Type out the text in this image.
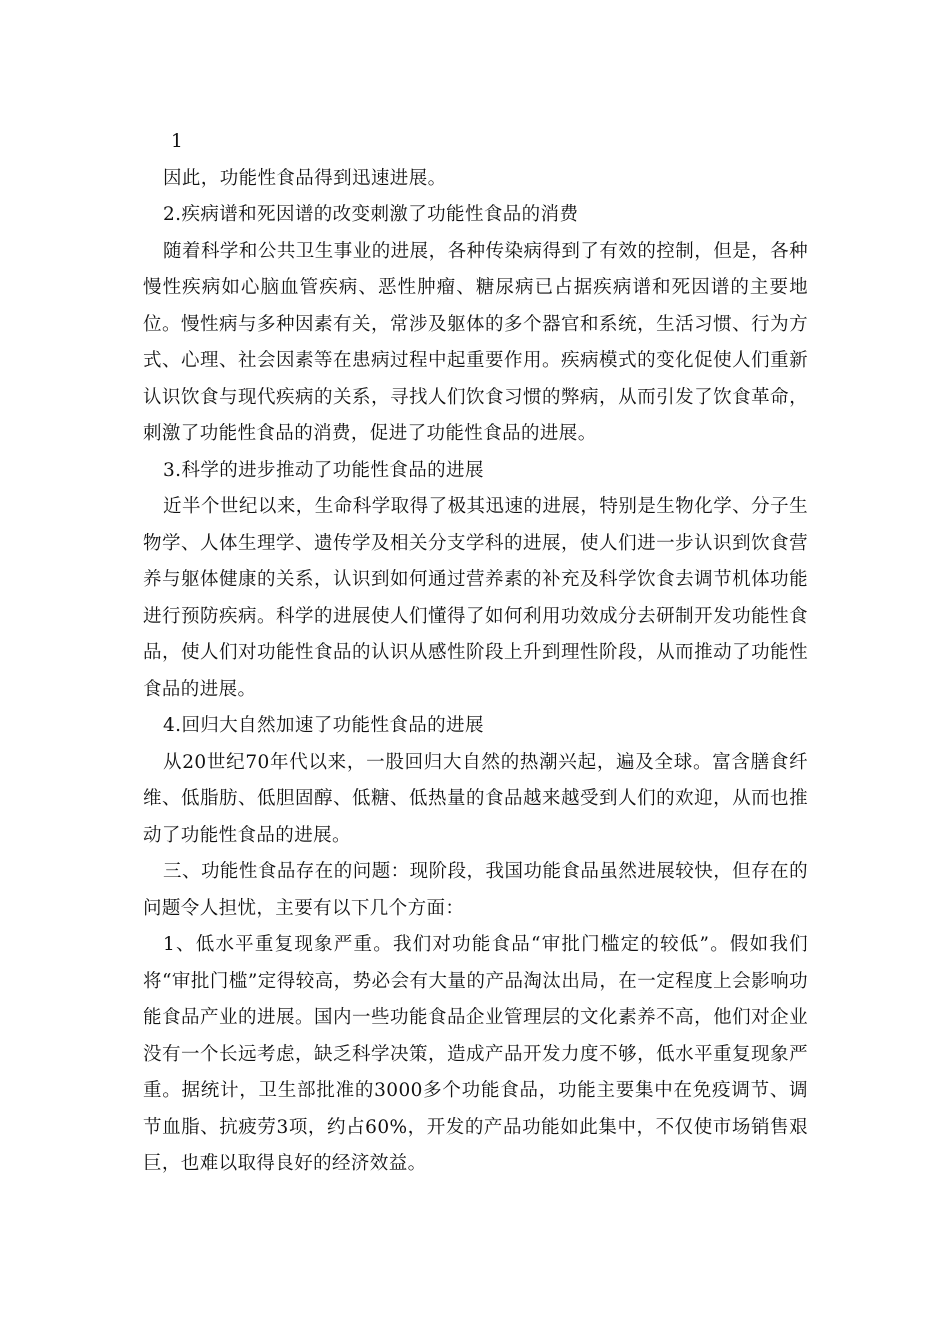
1

因此，功能性食品得到迅速进展。

2.疾病谱和死因谱的改变刺激了功能性食品的消费

随着科学和公共卫生事业的进展，各种传染病得到了有效的控制，但是，各种慢性疾病如心脑血管疾病、恶性肿瘤、糖尿病已占据疾病谱和死因谱的主要地位。慢性病与多种因素有关，常涉及躯体的多个器官和系统，生活习惯、行为方式、心理、社会因素等在患病过程中起重要作用。疾病模式的变化促使人们重新认识饮食与现代疾病的关系，寻找人们饮食习惯的弊病，从而引发了饮食革命，刺激了功能性食品的消费，促进了功能性食品的进展。

3.科学的进步推动了功能性食品的进展

近半个世纪以来，生命科学取得了极其迅速的进展，特别是生物化学、分子生物学、人体生理学、遗传学及相关分支学科的进展，使人们进一步认识到饮食营养与躯体健康的关系，认识到如何通过营养素的补充及科学饮食去调节机体功能进行预防疾病。科学的进展使人们懂得了如何利用功效成分去研制开发功能性食品，使人们对功能性食品的认识从感性阶段上升到理性阶段，从而推动了功能性食品的进展。

4.回归大自然加速了功能性食品的进展

从20世纪70年代以来，一股回归大自然的热潮兴起，遍及全球。富含膳食纤维、低脂肪、低胆固醇、低糖、低热量的食品越来越受到人们的欢迎，从而也推动了功能性食品的进展。

三、功能性食品存在的问题：现阶段，我国功能食品虽然进展较快，但存在的问题令人担忧，主要有以下几个方面：

1、低水平重复现象严重。我们对功能食品“审批门槛定的较低”。假如我们将“审批门槛”定得较高，势必会有大量的产品淘汰出局，在一定程度上会影响功能食品产业的进展。国内一些功能食品企业管理层的文化素养不高，他们对企业没有一个长远考虑，缺乏科学决策，造成产品开发力度不够，低水平重复现象严重。据统计，卫生部批准的3000多个功能食品，功能主要集中在免疫调节、调节血脂、抗疲劳3项，约占60%，开发的产品功能如此集中，不仅使市场销售艰巨，也难以取得良好的经济效益。
